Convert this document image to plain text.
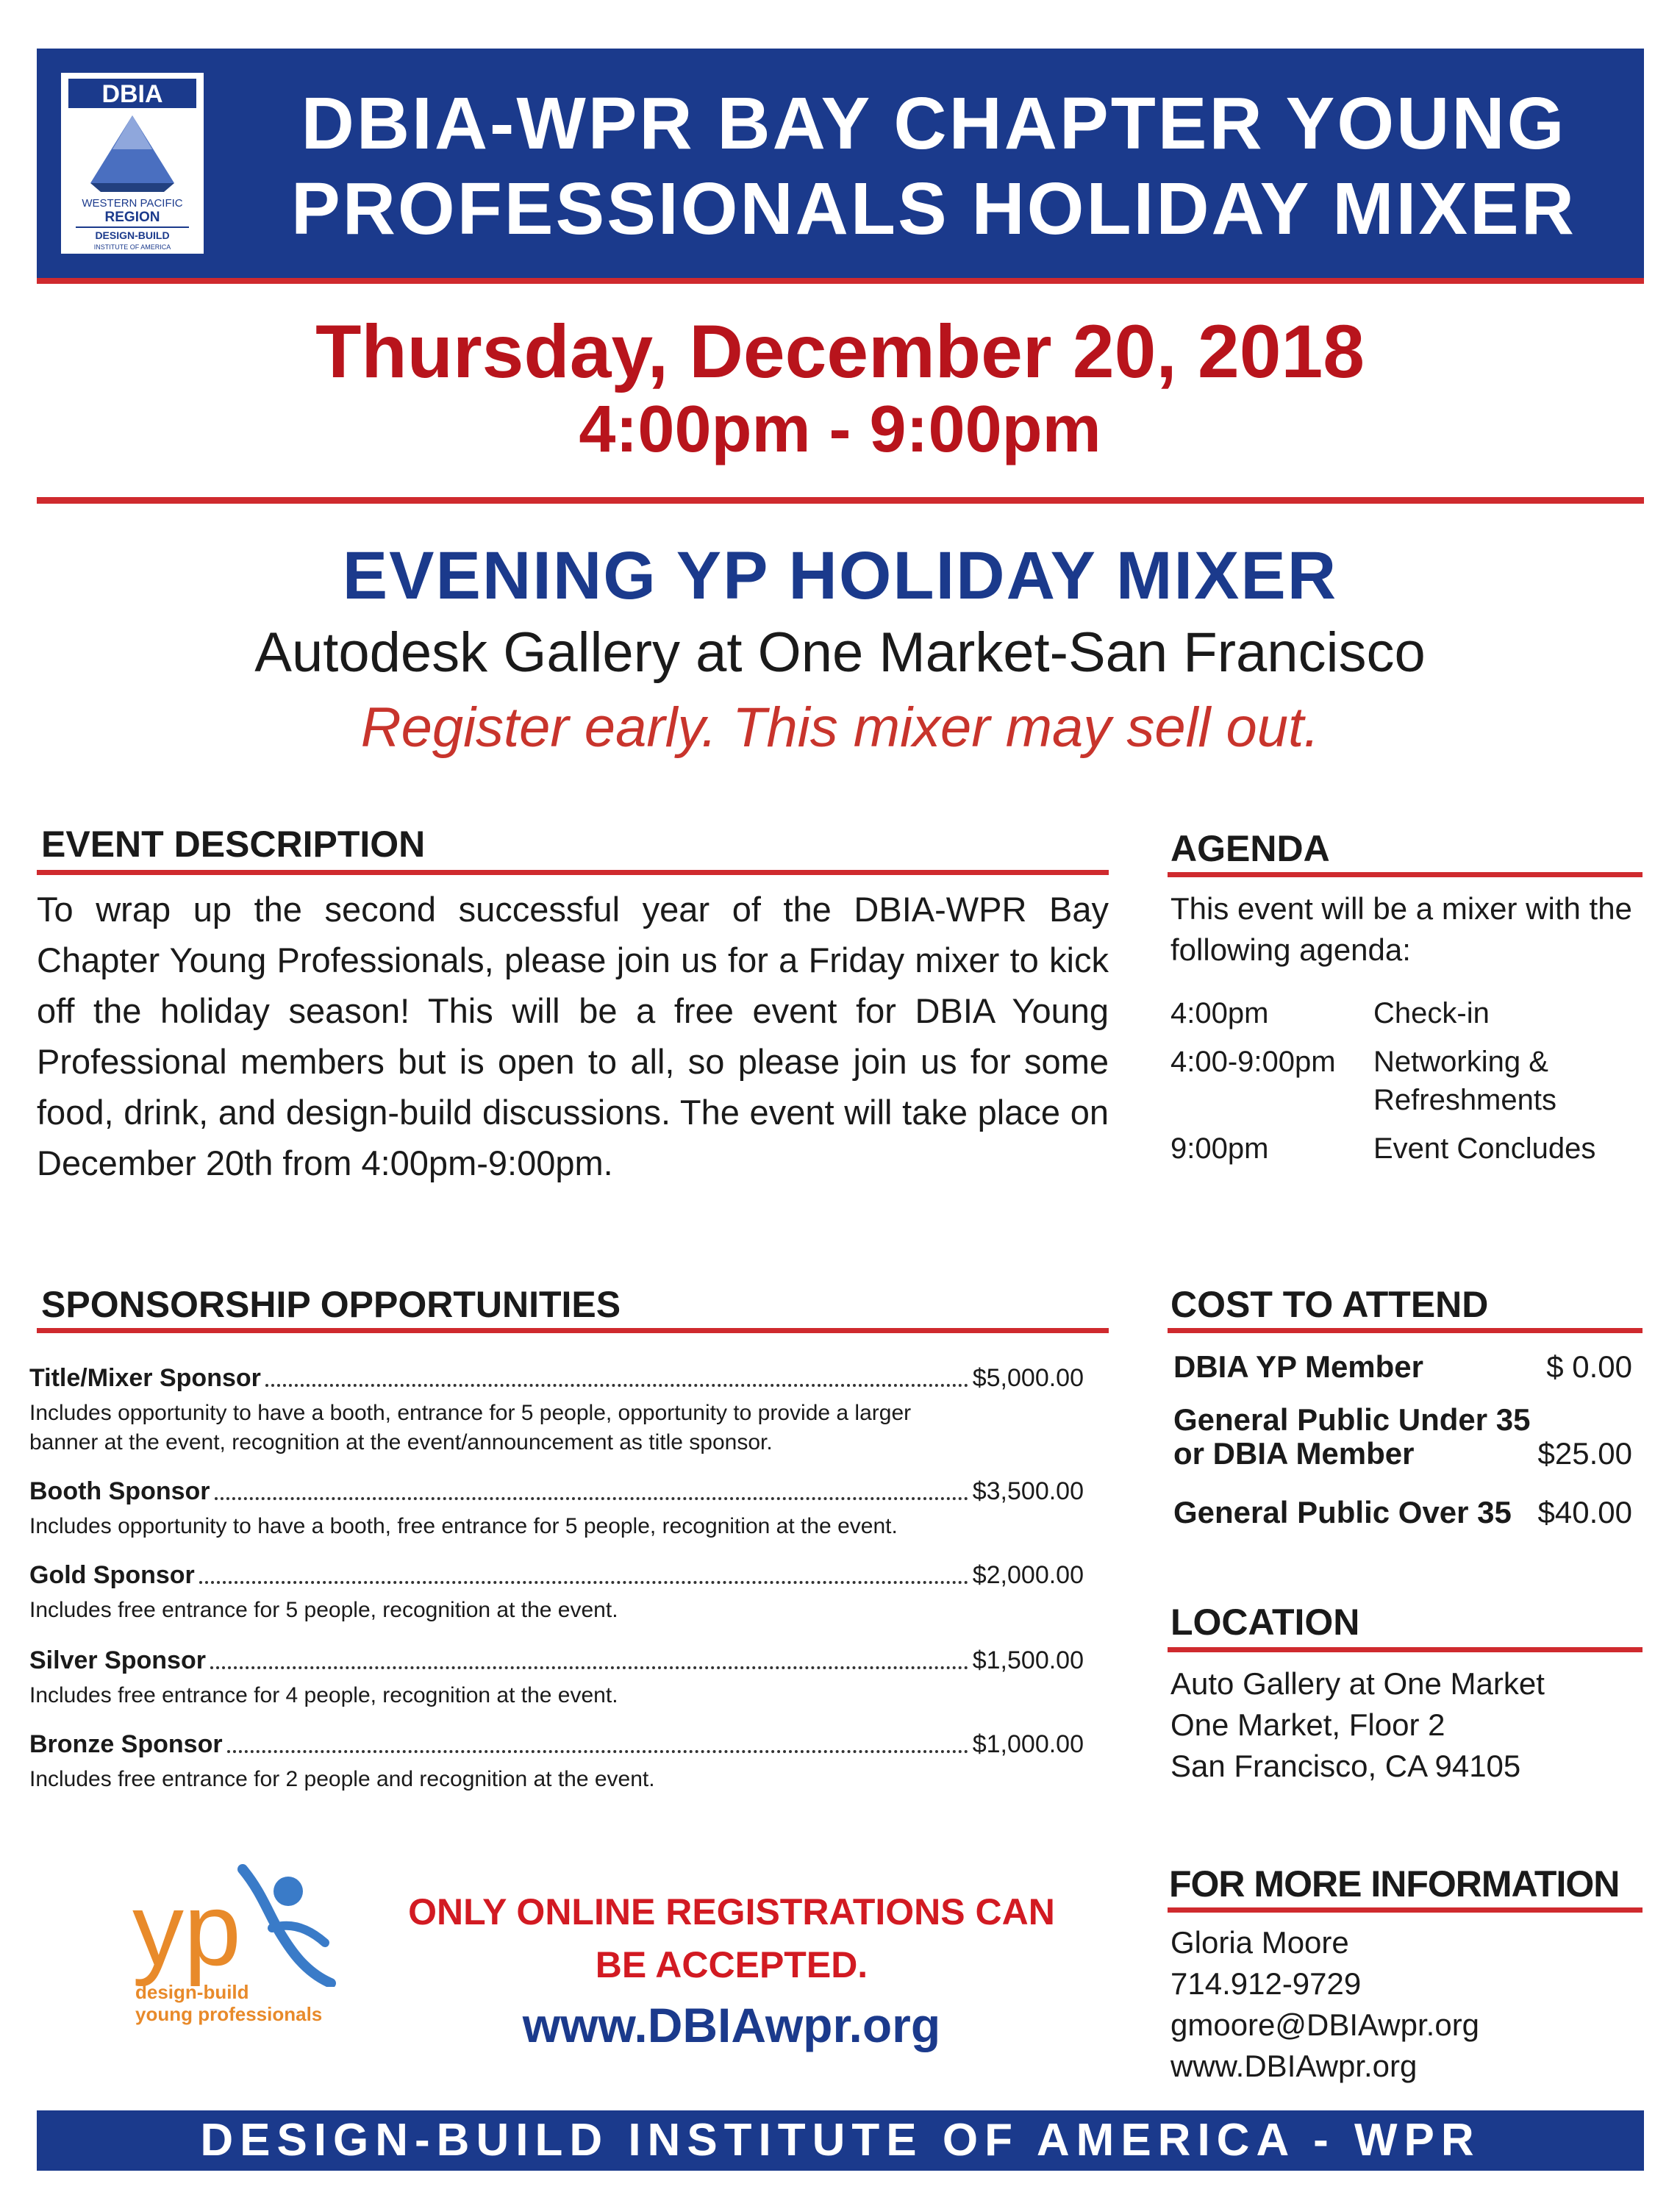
DBIA
WESTERN PACIFIC
REGION
DESIGN-BUILD
INSTITUTE OF AMERICA
DBIA-WPR BAY CHAPTER YOUNG
PROFESSIONALS HOLIDAY MIXER
Thursday, December 20, 2018
4:00pm - 9:00pm
EVENING YP HOLIDAY MIXER
Autodesk Gallery at One Market-San Francisco
Register early. This mixer may sell out.
EVENT DESCRIPTION
To wrap up the second successful year of the DBIA-WPR Bay Chapter Young Professionals, please join us for a Friday mixer to kick off the holiday season! This will be a free event for DBIA Young Professional members but is open to all, so please join us for some food, drink, and design-build discussions. The event will take place on December 20th from 4:00pm-9:00pm.
AGENDA
This event will be a mixer with the following agenda:
4:00pm	Check-in
4:00-9:00pm Networking & Refreshments
9:00pm	Event Concludes
SPONSORSHIP OPPORTUNITIES
Title/Mixer Sponsor	$5,000.00
Includes opportunity to have a booth, entrance for 5 people, opportunity to provide a larger
banner at the event, recognition at the event/announcement as title sponsor.
Booth Sponsor	$3,500.00
Includes opportunity to have a booth, free entrance for 5 people, recognition at the event.
Gold Sponsor	$2,000.00
Includes free entrance for 5 people, recognition at the event.
Silver Sponsor	$1,500.00
Includes free entrance for 4 people, recognition at the event.
Bronze Sponsor	$1,000.00
Includes free entrance for 2 people and recognition at the event.
COST TO ATTEND
DBIA YP Member	$ 0.00
General Public Under 35
or DBIA Member	$25.00
General Public Over 35 $40.00
LOCATION
Auto Gallery at One Market
One Market, Floor 2
San Francisco, CA 94105
yp
design-build
young professionals
ONLY ONLINE REGISTRATIONS CAN
BE ACCEPTED.
www.DBIAwpr.org
FOR MORE INFORMATION
Gloria Moore
714.912-9729
gmoore@DBIAwpr.org
www.DBIAwpr.org
DESIGN-BUILD INSTITUTE OF AMERICA - WPR
